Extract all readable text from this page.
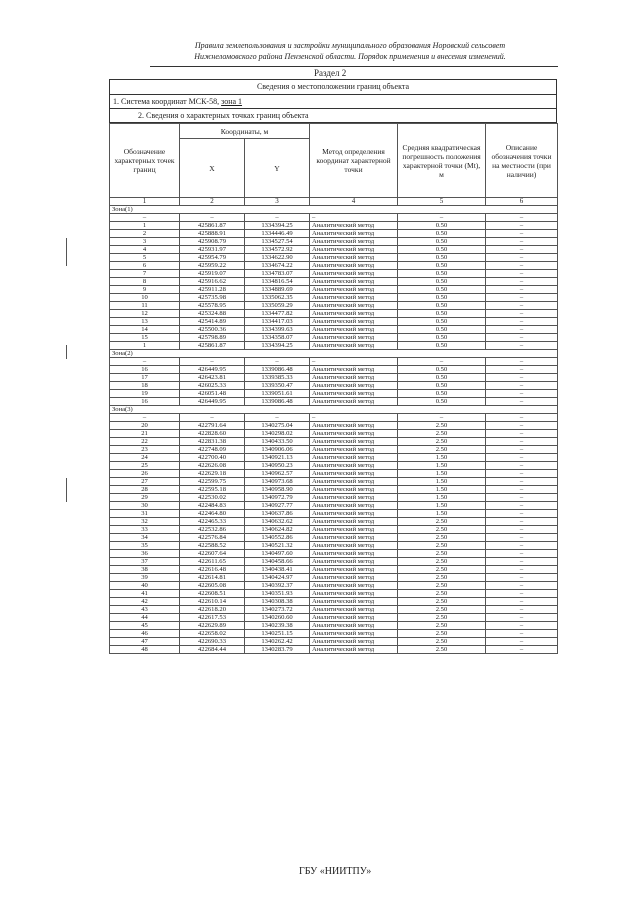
Правила землепользования и застройки муниципального образования Норовский сельсовет
Нижнеломовского района Пензенской области. Порядок применения и внесения изменений.
Раздел 2
Сведения о местоположении границ объекта
1. Система координат МСК-58, зона 1
2. Сведения о характерных точках границ объекта
Обозначение характерных точек границ	Координаты, м		Метод определения координат характерной точки	Средняя квадратическая погрешность положения характерной точки (Мt), м	Описание обозначения точки на местности (при наличии)
	X	Y			
1	2	3	4	5	6
Зона(1)					
–	–	–	–	–	–
1	425861.87	1334394.25	Аналитический метод	0.50	–
2	425888.91	1334446.49	Аналитический метод	0.50	–
3	425908.79	1334527.54	Аналитический метод	0.50	–
4	425931.97	1334572.92	Аналитический метод	0.50	–
5	425954.79	1334622.90	Аналитический метод	0.50	–
6	425959.22	1334674.22	Аналитический метод	0.50	–
7	425919.07	1334783.07	Аналитический метод	0.50	–
8	425916.62	1334816.54	Аналитический метод	0.50	–
9	425911.28	1334889.69	Аналитический метод	0.50	–
10	425735.98	1335062.35	Аналитический метод	0.50	–
11	425578.95	1335059.29	Аналитический метод	0.50	–
12	425324.88	1334477.82	Аналитический метод	0.50	–
13	425414.89	1334417.03	Аналитический метод	0.50	–
14	425500.36	1334399.63	Аналитический метод	0.50	–
15	425798.89	1334358.07	Аналитический метод	0.50	–
1	425861.87	1334394.25	Аналитический метод	0.50	–
Зона(2)					
–	–	–	–	–	–
16	426449.95	1339086.48	Аналитический метод	0.50	–
17	426423.81	1339385.33	Аналитический метод	0.50	–
18	426025.33	1339350.47	Аналитический метод	0.50	–
19	426051.48	1339051.61	Аналитический метод	0.50	–
16	426449.95	1339086.48	Аналитический метод	0.50	–
Зона(3)					
–	–	–	–	–	–
20	422791.64	1340275.04	Аналитический метод	2.50	–
21	422828.60	1340298.02	Аналитический метод	2.50	–
22	422831.38	1340433.50	Аналитический метод	2.50	–
23	422748.09	1340906.06	Аналитический метод	2.50	–
24	422700.40	1340921.13	Аналитический метод	1.50	–
25	422626.08	1340950.23	Аналитический метод	1.50	–
26	422629.18	1340962.57	Аналитический метод	1.50	–
27	422599.75	1340973.68	Аналитический метод	1.50	–
28	422595.18	1340958.90	Аналитический метод	1.50	–
29	422530.02	1340972.79	Аналитический метод	1.50	–
30	422484.83	1340927.77	Аналитический метод	1.50	–
31	422464.80	1340637.86	Аналитический метод	1.50	–
32	422465.33	1340632.62	Аналитический метод	2.50	–
33	422532.86	1340624.82	Аналитический метод	2.50	–
34	422576.84	1340552.86	Аналитический метод	2.50	–
35	422588.52	1340521.32	Аналитический метод	2.50	–
36	422607.64	1340497.60	Аналитический метод	2.50	–
37	422611.65	1340458.66	Аналитический метод	2.50	–
38	422616.48	1340438.41	Аналитический метод	2.50	–
39	422614.81	1340424.97	Аналитический метод	2.50	–
40	422605.08	1340392.37	Аналитический метод	2.50	–
41	422608.51	1340351.93	Аналитический метод	2.50	–
42	422610.14	1340308.38	Аналитический метод	2.50	–
43	422618.20	1340273.72	Аналитический метод	2.50	–
44	422617.53	1340260.60	Аналитический метод	2.50	–
45	422629.89	1340239.38	Аналитический метод	2.50	–
46	422658.02	1340251.15	Аналитический метод	2.50	–
47	422690.33	1340262.42	Аналитический метод	2.50	–
48	422684.44	1340283.79	Аналитический метод	2.50	–
ГБУ «НИИТПУ»
